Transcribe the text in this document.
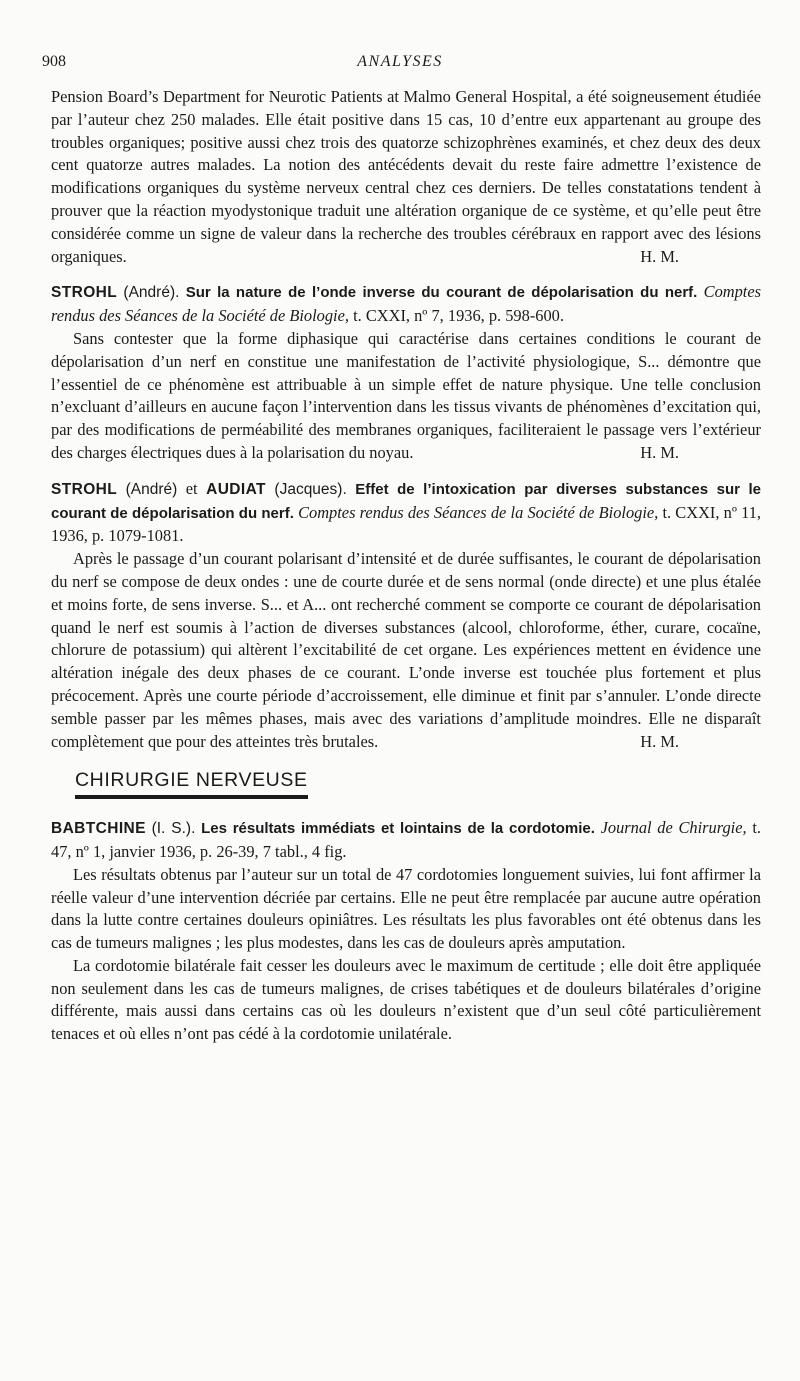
908	ANALYSES

Pension Board’s Department for Neurotic Patients at Malmo General Hospital, a été soigneusement étudiée par l’auteur chez 250 malades. Elle était positive dans 15 cas, 10 d’entre eux appartenant au groupe des troubles organiques; positive aussi chez trois des quatorze schizophrènes examinés, et chez deux des deux cent quatorze autres malades. La notion des antécédents devait du reste faire admettre l’existence de modifications organiques du système nerveux central chez ces derniers. De telles constatations tendent à prouver que la réaction myodystonique traduit une altération organique de ce système, et qu’elle peut être considérée comme un signe de valeur dans la recherche des troubles cérébraux en rapport avec des lésions organiques.	H. M.

STROHL (André). Sur la nature de l’onde inverse du courant de dépolarisation du nerf. Comptes rendus des Séances de la Société de Biologie, t. CXXI, nº 7, 1936, p. 598-600.

Sans contester que la forme diphasique qui caractérise dans certaines conditions le courant de dépolarisation d’un nerf en constitue une manifestation de l’activité physiologique, S... démontre que l’essentiel de ce phénomène est attribuable à un simple effet de nature physique. Une telle conclusion n’excluant d’ailleurs en aucune façon l’intervention dans les tissus vivants de phénomènes d’excitation qui, par des modifications de perméabilité des membranes organiques, faciliteraient le passage vers l’extérieur des charges électriques dues à la polarisation du noyau.	H. M.

STROHL (André) et AUDIAT (Jacques). Effet de l’intoxication par diverses substances sur le courant de dépolarisation du nerf. Comptes rendus des Séances de la Société de Biologie, t. CXXI, nº 11, 1936, p. 1079-1081.

Après le passage d’un courant polarisant d’intensité et de durée suffisantes, le courant de dépolarisation du nerf se compose de deux ondes : une de courte durée et de sens normal (onde directe) et une plus étalée et moins forte, de sens inverse. S... et A... ont recherché comment se comporte ce courant de dépolarisation quand le nerf est soumis à l’action de diverses substances (alcool, chloroforme, éther, curare, cocaïne, chlorure de potassium) qui altèrent l’excitabilité de cet organe. Les expériences mettent en évidence une altération inégale des deux phases de ce courant. L’onde inverse est touchée plus fortement et plus précocement. Après une courte période d’accroissement, elle diminue et finit par s’annuler. L’onde directe semble passer par les mêmes phases, mais avec des variations d’amplitude moindres. Elle ne disparaît complètement que pour des atteintes très brutales.	H. M.

CHIRURGIE NERVEUSE

BABTCHINE (I. S.). Les résultats immédiats et lointains de la cordotomie. Journal de Chirurgie, t. 47, nº 1, janvier 1936, p. 26-39, 7 tabl., 4 fig.

Les résultats obtenus par l’auteur sur un total de 47 cordotomies longuement suivies, lui font affirmer la réelle valeur d’une intervention décriée par certains. Elle ne peut être remplacée par aucune autre opération dans la lutte contre certaines douleurs opiniâtres. Les résultats les plus favorables ont été obtenus dans les cas de tumeurs malignes ; les plus modestes, dans les cas de douleurs après amputation.

La cordotomie bilatérale fait cesser les douleurs avec le maximum de certitude ; elle doit être appliquée non seulement dans les cas de tumeurs malignes, de crises tabétiques et de douleurs bilatérales d’origine différente, mais aussi dans certains cas où les douleurs n’existent que d’un seul côté particulièrement tenaces et où elles n’ont pas cédé à la cordotomie unilatérale.
